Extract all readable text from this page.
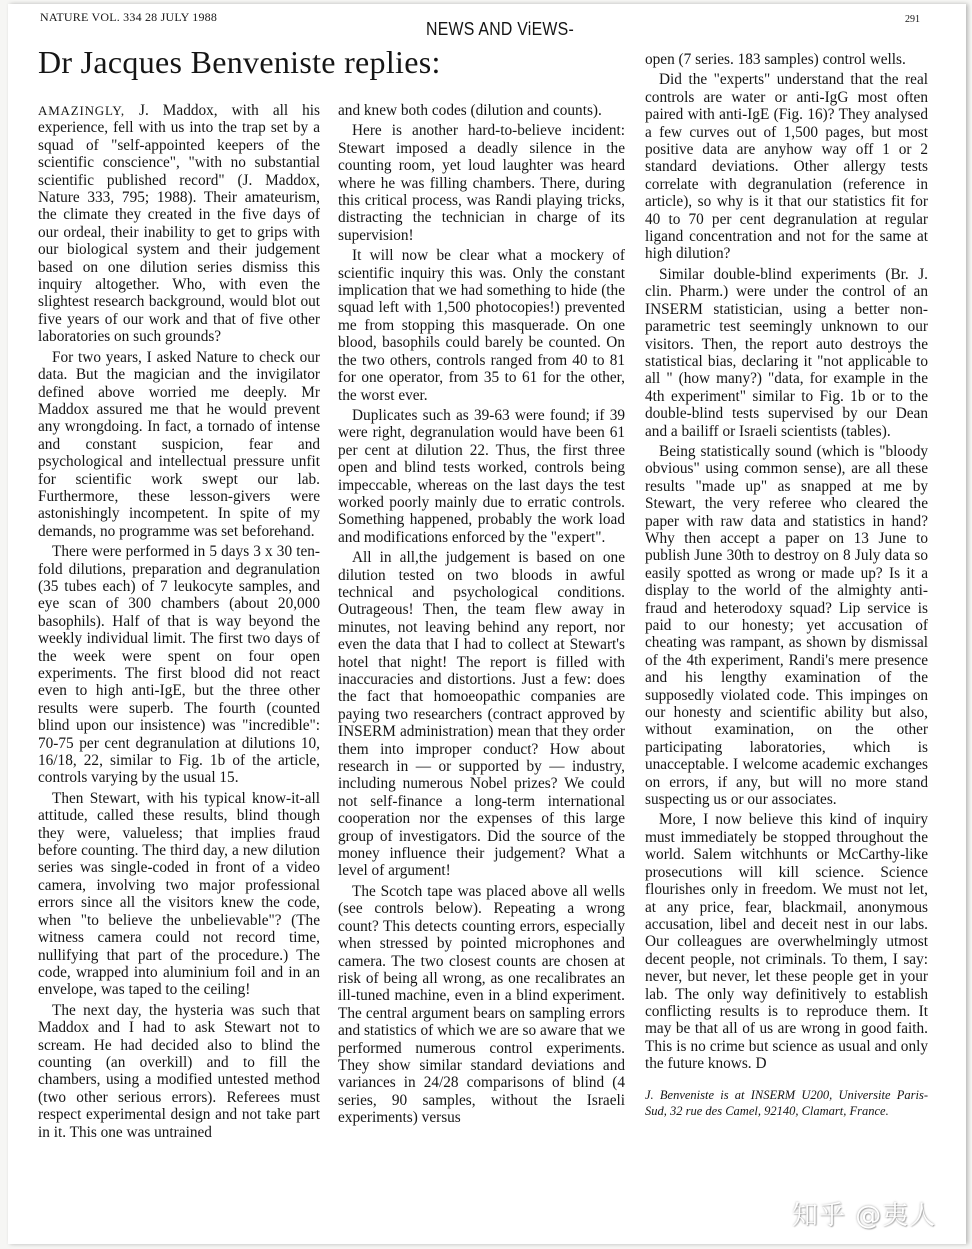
NATURE VOL. 334 28 JULY 1988
NEWS AND ViEWS-	291
Dr Jacques Benveniste replies:

AMAZINGLY, J. Maddox, with all his experience, fell with us into the trap set by a squad of "self-appointed keepers of the scientific conscience", "with no substantial scientific published record" (J. Maddox, Nature 333, 795; 1988). Their amateurism, the climate they created in the five days of our ordeal, their inability to get to grips with our biological system and their judgement based on one dilution series dismiss this inquiry altogether. Who, with even the slightest research background, would blot out five years of our work and that of five other laboratories on such grounds?

For two years, I asked Nature to check our data. But the magician and the invigilator defined above worried me deeply. Mr Maddox assured me that he would prevent any wrongdoing. In fact, a tornado of intense and constant suspicion, fear and psychological and intellectual pressure unfit for scientific work swept our lab. Furthermore, these lesson-givers were astonishingly incompetent. In spite of my demands, no programme was set beforehand.

There were performed in 5 days 3 x 30 ten-fold dilutions, preparation and degranulation (35 tubes each) of 7 leukocyte samples, and eye scan of 300 chambers (about 20,000 basophils). Half of that is way beyond the weekly individual limit. The first two days of the week were spent on four open experiments. The first blood did not react even to high anti-IgE, but the three other results were superb. The fourth (counted blind upon our insistence) was "incredible": 70-75 per cent degranulation at dilutions 10, 16/18, 22, similar to Fig. 1b of the article, controls varying by the usual 15.

Then Stewart, with his typical know-it-all attitude, called these results, blind though they were, valueless; that implies fraud before counting. The third day, a new dilution series was single-coded in front of a video camera, involving two major professional errors since all the visitors knew the code, when "to believe the unbelievable"? (The witness camera could not record time, nullifying that part of the procedure.) The code, wrapped into aluminium foil and in an envelope, was taped to the ceiling!

The next day, the hysteria was such that Maddox and I had to ask Stewart not to scream. He had decided also to blind the counting (an overkill) and to fill the chambers, using a modified untested method (two other serious errors). Referees must respect experimental design and not take part in it. This one was untrained

and knew both codes (dilution and counts).

Here is another hard-to-believe incident: Stewart imposed a deadly silence in the counting room, yet loud laughter was heard where he was filling chambers. There, during this critical process, was Randi playing tricks, distracting the technician in charge of its supervision!

It will now be clear what a mockery of scientific inquiry this was. Only the constant implication that we had something to hide (the squad left with 1,500 photocopies!) prevented me from stopping this masquerade. On one blood, basophils could barely be counted. On the two others, controls ranged from 40 to 81 for one operator, from 35 to 61 for the other, the worst ever.

Duplicates such as 39-63 were found; if 39 were right, degranulation would have been 61 per cent at dilution 22. Thus, the first three open and blind tests worked, controls being impeccable, whereas on the last days the test worked poorly mainly due to erratic controls. Something happened, probably the work load and modifications enforced by the "expert".

All in all,the judgement is based on one dilution tested on two bloods in awful technical and psychological conditions. Outrageous! Then, the team flew away in minutes, not leaving behind any report, nor even the data that I had to collect at Stewart's hotel that night! The report is filled with inaccuracies and distortions. Just a few: does the fact that homoeopathic companies are paying two researchers (contract approved by INSERM administration) mean that they order them into improper conduct? How about research in — or supported by — industry, including numerous Nobel prizes? We could not self-finance a long-term international cooperation nor the expenses of this large group of investigators. Did the source of the money influence their judgement? What a level of argument!

The Scotch tape was placed above all wells (see controls below). Repeating a wrong count? This detects counting errors, especially when stressed by pointed microphones and camera. The two closest counts are chosen at risk of being all wrong, as one recalibrates an ill-tuned machine, even in a blind experiment. The central argument bears on sampling errors and statistics of which we are so aware that we performed numerous control experiments. They show similar standard deviations and variances in 24/28 comparisons of blind (4 series, 90 samples, without the Israeli experiments) versus

open (7 series. 183 samples) control wells.

Did the "experts" understand that the real controls are water or anti-IgG most often paired with anti-IgE (Fig. 16)? They analysed a few curves out of 1,500 pages, but most positive data are anyhow way off 1 or 2 standard deviations. Other allergy tests correlate with degranulation (reference in article), so why is it that our statistics fit for 40 to 70 per cent degranulation at regular ligand concentration and not for the same at high dilution?

Similar double-blind experiments (Br. J. clin. Pharm.) were under the control of an INSERM statistician, using a better non-parametric test seemingly unknown to our visitors. Then, the report auto destroys the statistical bias, declaring it "not applicable to all " (how many?) "data, for example in the 4th experiment" similar to Fig. 1b or to the double-blind tests supervised by our Dean and a bailiff or Israeli scientists (tables).

Being statistically sound (which is "bloody obvious" using common sense), are all these results "made up" as snapped at me by Stewart, the very referee who cleared the paper with raw data and statistics in hand? Why then accept a paper on 13 June to publish June 30th to destroy on 8 July data so easily spotted as wrong or made up? Is it a display to the world of the almighty anti-fraud and heterodoxy squad? Lip service is paid to our honesty; yet accusation of cheating was rampant, as shown by dismissal of the 4th experiment, Randi's mere presence and his lengthy examination of the supposedly violated code. This impinges on our honesty and scientific ability but also, without examination, on the other participating laboratories, which is unacceptable. I welcome academic exchanges on errors, if any, but will no more stand suspecting us or our associates.

More, I now believe this kind of inquiry must immediately be stopped throughout the world. Salem witchhunts or McCarthy-like prosecutions will kill science. Science flourishes only in freedom. We must not let, at any price, fear, blackmail, anonymous accusation, libel and deceit nest in our labs. Our colleagues are overwhelmingly utmost decent people, not criminals. To them, I say: never, but never, let these people get in your lab. The only way definitively to establish conflicting results is to reproduce them. It may be that all of us are wrong in good faith. This is no crime but science as usual and only the future knows. D

J. Benveniste is at INSERM U200, Universite Paris-Sud, 32 rue des Camel, 92140, Clamart, France.
知乎 @夷人
